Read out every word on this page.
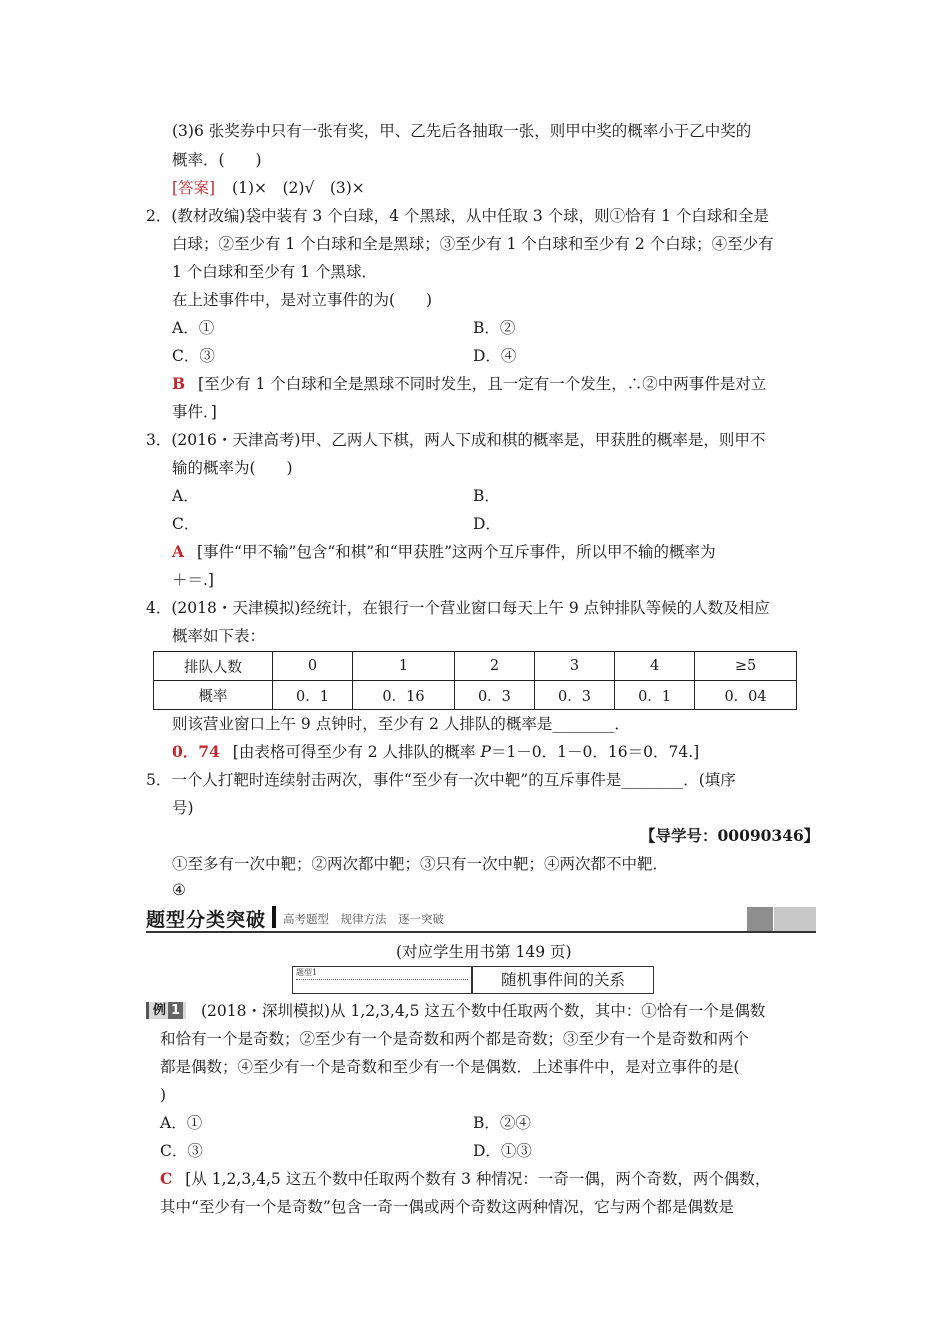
(3)6 张奖券中只有一张有奖，甲、乙先后各抽取一张，则甲中奖的概率小于乙中奖的
概率．(　　)
[答案] (1)×　(2)√　(3)×
2．(教材改编)袋中装有 3 个白球，4 个黑球，从中任取 3 个球，则①恰有 1 个白球和全是
白球；②至少有 1 个白球和全是黑球；③至少有 1 个白球和至少有 2 个白球；④至少有
1 个白球和至少有 1 个黑球．
在上述事件中，是对立事件的为(　　)
A．①	B．②
C．③	D．④
B [至少有 1 个白球和全是黑球不同时发生，且一定有一个发生，∴②中两事件是对立
事件．]
3．(2016・天津高考)甲、乙两人下棋，两人下成和棋的概率是，甲获胜的概率是，则甲不
输的概率为(　　)
A．	B．
C．	D．
A [事件“甲不输”包含“和棋”和“甲获胜”这两个互斥事件，所以甲不输的概率为
＋＝.]
4．(2018・天津模拟)经统计，在银行一个营业窗口每天上午 9 点钟排队等候的人数及相应
概率如下表：
排队人数	0	1	2	3	4	≥5
概率	0．1	0．16	0．3	0．3	0．1	0．04
则该营业窗口上午 9 点钟时，至少有 2 人排队的概率是________．
0．74 [由表格可得至少有 2 人排队的概率 P＝1－0．1－0．16＝0．74.]
5．一个人打靶时连续射击两次，事件“至少有一次中靶”的互斥事件是________．(填序
号)
【导学号：00090346】
①至多有一次中靶；②两次都中靶；③只有一次中靶；④两次都不中靶．
④
题型分类突破 高考题型　规律方法　逐一突破
(对应学生用书第 149 页)
题型1	随机事件间的关系
例 1	(2018・深圳模拟)从 1,2,3,4,5 这五个数中任取两个数，其中：①恰有一个是偶数
和恰有一个是奇数；②至少有一个是奇数和两个都是奇数；③至少有一个是奇数和两个
都是偶数；④至少有一个是奇数和至少有一个是偶数．上述事件中，是对立事件的是(
)
A．①	B．②④
C．③	D．①③
C [从 1,2,3,4,5 这五个数中任取两个数有 3 种情况：一奇一偶，两个奇数，两个偶数，
其中“至少有一个是奇数”包含一奇一偶或两个奇数这两种情况，它与两个都是偶数是
